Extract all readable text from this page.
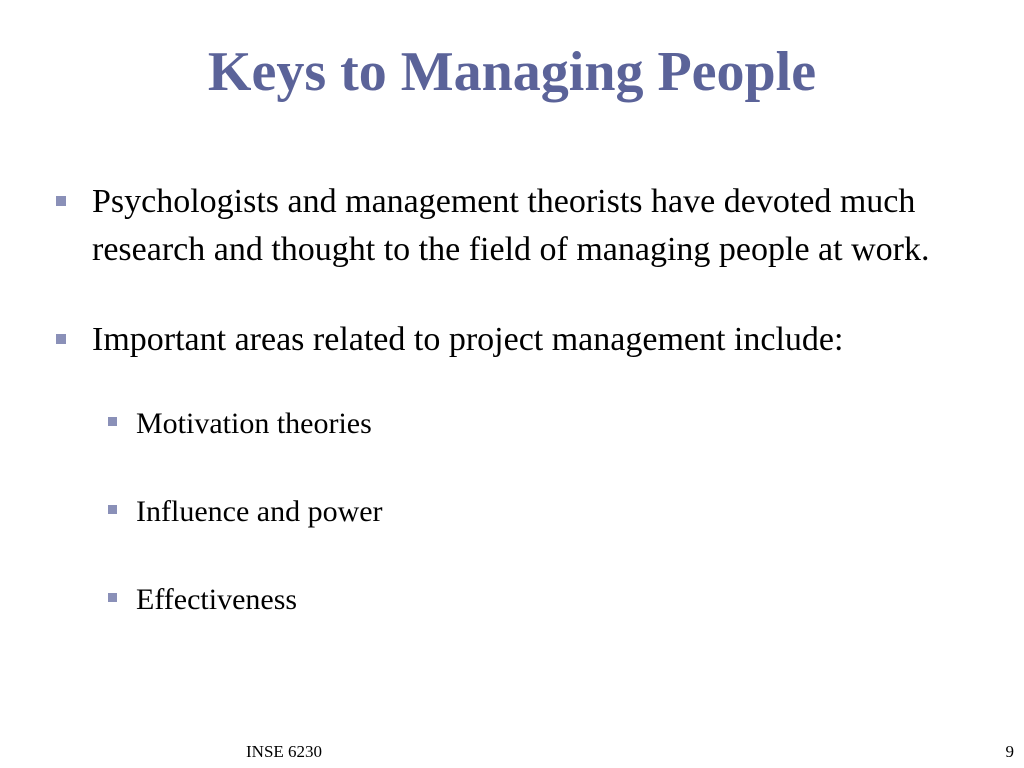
Keys to Managing People
Psychologists and management theorists have devoted much research and thought to the field of managing people at work.
Important areas related to project management include:
Motivation theories
Influence and power
Effectiveness
INSE 6230	9
